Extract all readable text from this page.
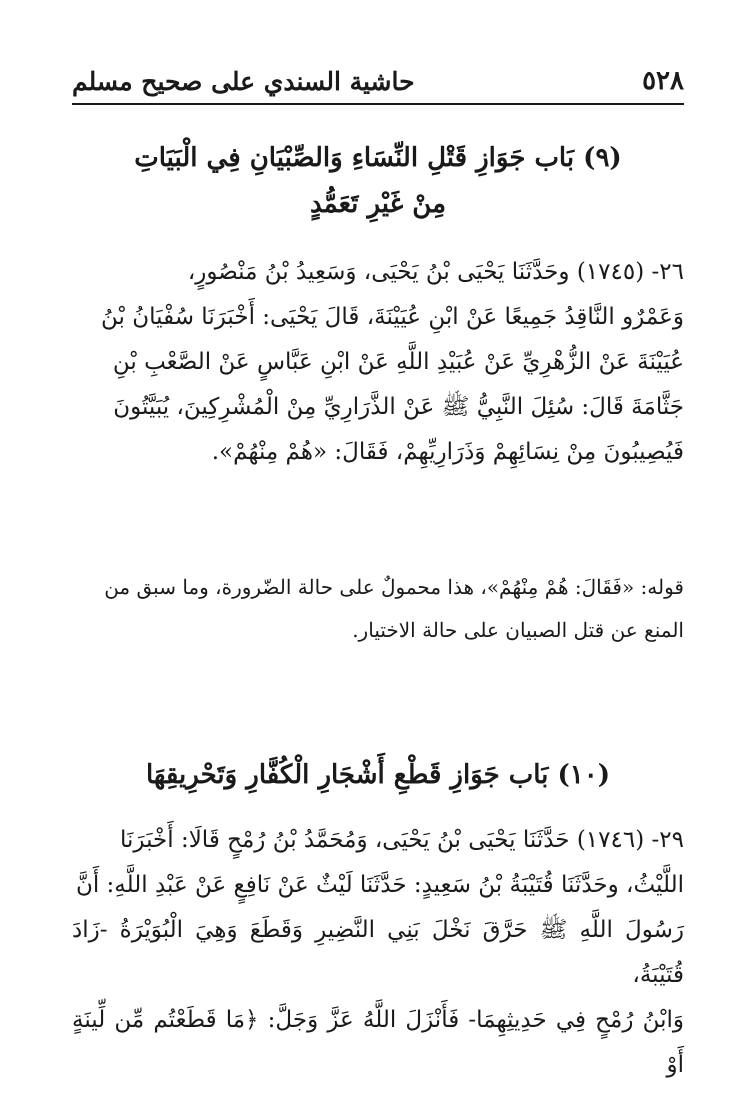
٥٢٨
حاشية السندي على صحيح مسلم
(٩) بَاب جَوَازِ قَتْلِ النِّسَاءِ وَالصِّبْيَانِ فِي الْبَيَاتِ
مِنْ غَيْرِ تَعَمُّدٍ

٢٦- (١٧٤٥) وحَدَّثَنَا يَحْيَى بْنُ يَحْيَى، وَسَعِيدُ بْنُ مَنْصُورٍ،

وَعَمْرٌو النَّاقِدُ جَمِيعًا عَنْ ابْنِ عُيَيْنَةَ، قَالَ يَحْيَى: أَخْبَرَنَا سُفْيَانُ بْنُ

عُيَيْنَةَ عَنْ الزُّهْرِيِّ عَنْ عُبَيْدِ اللَّهِ عَنْ ابْنِ عَبَّاسٍ عَنْ الصَّعْبِ بْنِ

جَثَّامَةَ قَالَ: سُئِلَ النَّبِيُّ ﷺ عَنْ الذَّرَارِيِّ مِنْ الْمُشْرِكِينَ، يُبَيَّتُونَ

فَيُصِيبُونَ مِنْ نِسَائِهِمْ وَذَرَارِيِّهِمْ، فَقَالَ: «هُمْ مِنْهُمْ».

قوله: «فَقَالَ: هُمْ مِنْهُمْ»، هذا محمولٌ على حالة الضّرورة، وما سبق من

المنع عن قتل الصبيان على حالة الاختيار.

(١٠) بَاب جَوَازِ قَطْعِ أَشْجَارِ الْكُفَّارِ وَتَحْرِيقِهَا

٢٩- (١٧٤٦) حَدَّثَنَا يَحْيَى بْنُ يَحْيَى، وَمُحَمَّدُ بْنُ رُمْحٍ قَالَا: أَخْبَرَنَا

اللَّيْثُ، وحَدَّثَنَا قُتَيْبَةُ بْنُ سَعِيدٍ: حَدَّثَنَا لَيْثٌ عَنْ نَافِعٍ عَنْ عَبْدِ اللَّهِ: أَنَّ

رَسُولَ اللَّهِ ﷺ حَرَّقَ نَخْلَ بَنِي النَّضِيرِ وَقَطَعَ وَهِيَ الْبُوَيْرَةُ -زَادَ قُتَيْبَةُ،

وَابْنُ رُمْحٍ فِي حَدِيثِهِمَا- فَأَنْزَلَ اللَّهُ عَزَّ وَجَلَّ: ﴿مَا قَطَعْتُم مِّن لِّينَةٍ أَوْ
